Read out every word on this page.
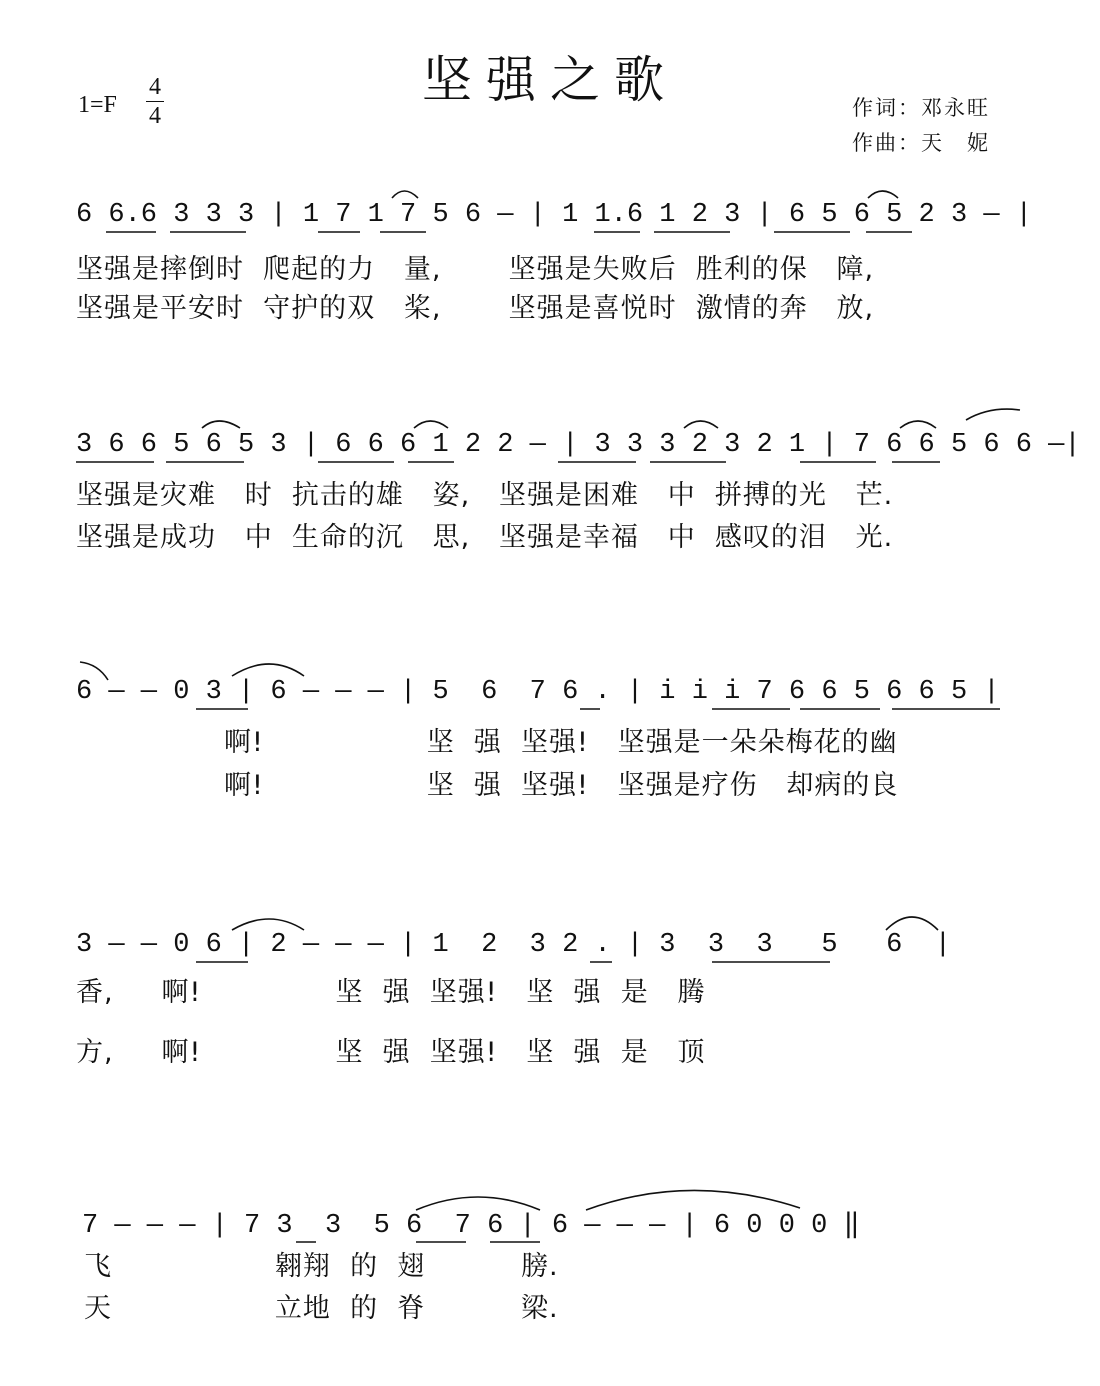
坚强之歌
1=F
4
4	作词：邓永旺
作曲：天　妮
6 6.6 3 3 3 | 1 7 1 7 5 6 — | 1 1.6 1 2 3 | 6 5 6 5 2 3 — |
坚强是摔倒时  爬起的力   量,       坚强是失败后  胜利的保   障,
坚强是平安时  守护的双   桨,       坚强是喜悦时  激情的奔   放,
3 6 6 5 6 5 3 | 6 6 6 1 2 2 — | 3 3 3 2 3 2 1 | 7 6 6 5 6 6 —|
坚强是灾难   时  抗击的雄   姿,   坚强是困难   中  拼搏的光   芒.
坚强是成功   中  生命的沉   思,   坚强是幸福   中  感叹的泪   光.
6 — — 0 3 | 6 — — — | 5  6  7 6 . | i i i 7 6 6 5 6 6 5 |
啊!                 坚  强  坚强!   坚强是一朵朵梅花的幽
啊!                 坚  强  坚强!   坚强是疗伤   却病的良
3 — — 0 6 | 2 — — — | 1  2  3 2 . | 3  3  3   5   6  |
香,     啊!              坚  强  坚强!   坚  强  是   腾
方,     啊!              坚  强  坚强!   坚  强  是   顶
7 — — — | 7 3  3  5 6  7 6 | 6 — — — | 6 0 0 0 ‖
飞                 翱翔  的  翅          膀.
天                 立地  的  脊          梁.
